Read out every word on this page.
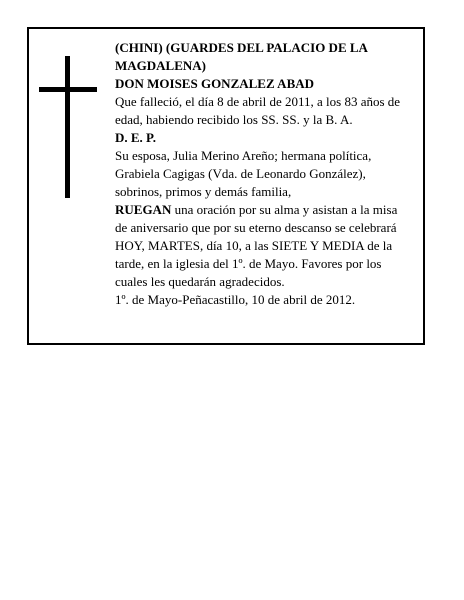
(CHINI) (GUARDES DEL PALACIO DE LA

MAGDALENA)

DON MOISES GONZALEZ ABAD

Que falleció, el día 8 de abril de 2011, a los 83 años de

edad, habiendo recibido los SS. SS. y la B. A.

D. E. P.

Su esposa, Julia Merino Areño; hermana política,

Grabiela Cagigas (Vda. de Leonardo González),

sobrinos, primos y demás familia,

RUEGAN una oración por su alma y asistan a la misa

de aniversario que por su eterno descanso se celebrará

HOY, MARTES, día 10, a las SIETE Y MEDIA de la

tarde, en la iglesia del 1º. de Mayo. Favores por los

cuales les quedarán agradecidos.

1º. de Mayo-Peñacastillo, 10 de abril de 2012.
